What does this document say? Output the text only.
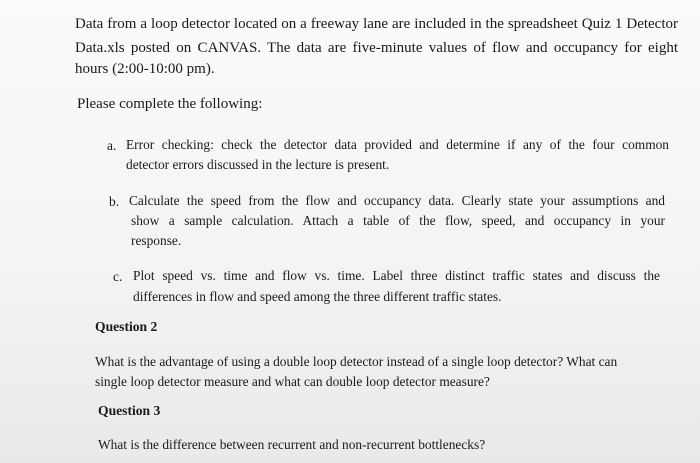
Data from a loop detector located on a freeway lane are included in the spreadsheet Quiz 1 Detector
Data.xls posted on CANVAS. The data are five-minute values of flow and occupancy for eight
hours (2:00-10:00 pm).
Please complete the following:
a. Error checking: check the detector data provided and determine if any of the four common
detector errors discussed in the lecture is present.
b. Calculate the speed from the flow and occupancy data. Clearly state your assumptions and
show a sample calculation. Attach a table of the flow, speed, and occupancy in your
response.
c. Plot speed vs. time and flow vs. time. Label three distinct traffic states and discuss the
differences in flow and speed among the three different traffic states.
Question 2
What is the advantage of using a double loop detector instead of a single loop detector? What can
single loop detector measure and what can double loop detector measure?
Question 3
What is the difference between recurrent and non-recurrent bottlenecks?
